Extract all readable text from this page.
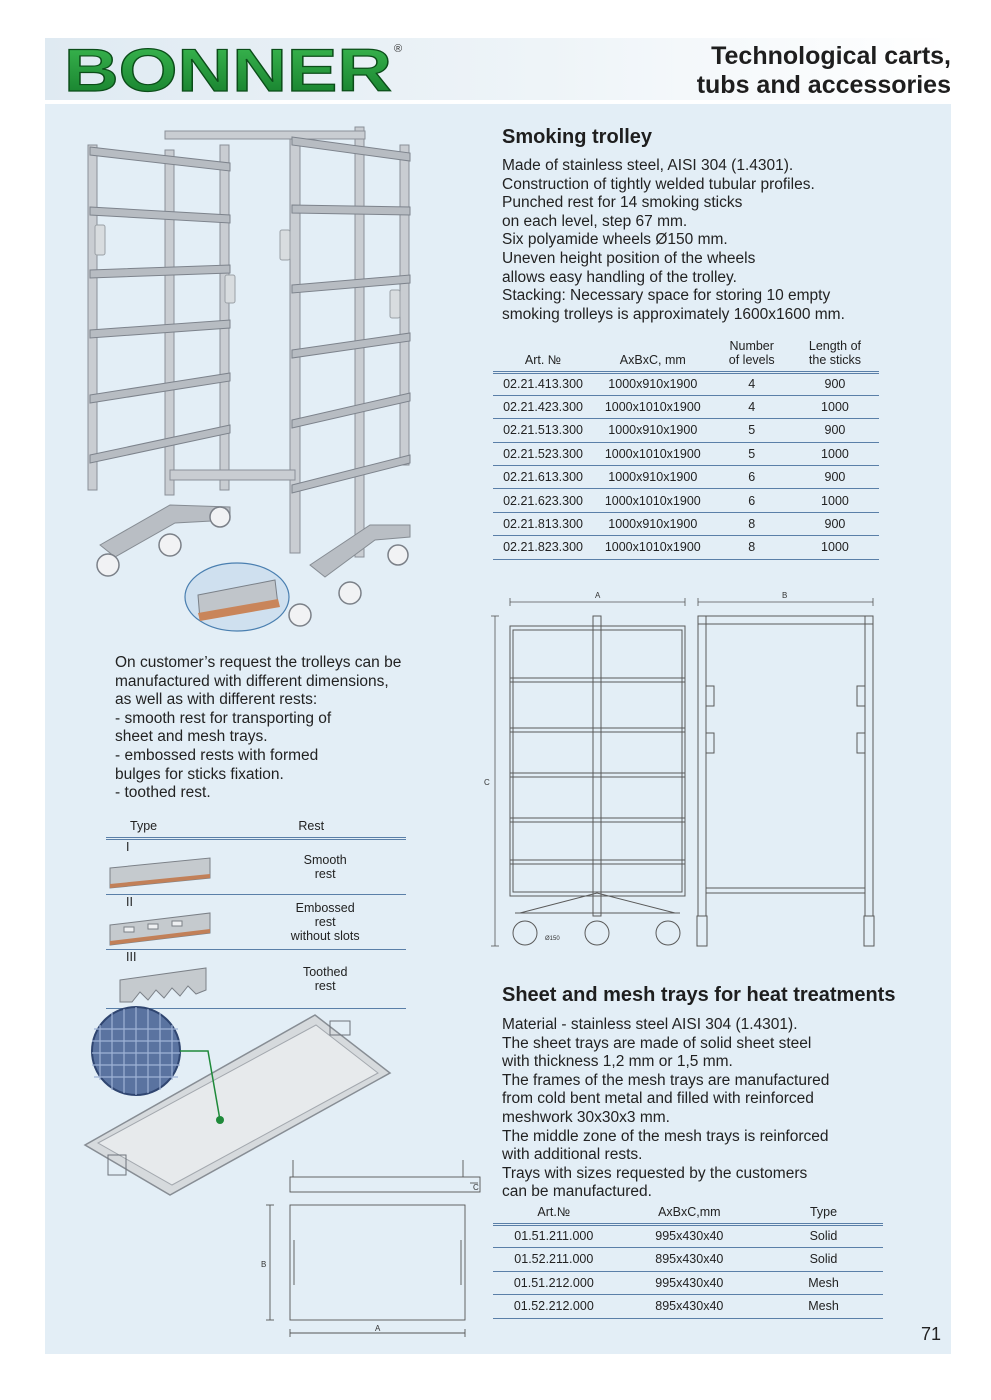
BONNER ®	Technological carts,
tubs and accessories
Smoking trolley
Made of stainless steel, AISI 304 (1.4301).
Construction of tightly welded tubular profiles.
Punched rest for 14 smoking sticks
on each level, step 67 mm.
Six polyamide wheels Ø150 mm.
Uneven height position of the wheels
allows easy handling of the trolley.
Stacking: Necessary space for storing 10 empty
smoking trolleys is approximately 1600x1600 mm.
Art. №	AxBxC, mm	Number of levels	Length of the sticks
02.21.413.300	1000x910x1900	4	900
02.21.423.300	1000x1010x1900	4	1000
02.21.513.300	1000x910x1900	5	900
02.21.523.300	1000x1010x1900	5	1000
02.21.613.300	1000x910x1900	6	900
02.21.623.300	1000x1010x1900	6	1000
02.21.813.300	1000x910x1900	8	900
02.21.823.300	1000x1010x1900	8	1000
A	B
C
Ø150
On customer’s request the trolleys can be
manufactured with different dimensions,
as well as with different rests:
- smooth rest for transporting of
sheet and mesh trays.
- embossed rests with formed
bulges for sticks fixation.
- toothed rest.
Type	Rest
I	Smooth
rest

II	Embossed
rest
without slots

III	Toothed
rest
C
B
A
Sheet and mesh trays for heat treatments
Material - stainless steel AISI 304 (1.4301).
The sheet trays are made of solid sheet steel
with thickness 1,2 mm or 1,5 mm.
The frames of the mesh trays are manufactured
from cold bent metal and filled with reinforced
meshwork 30x30x3 mm.
The middle zone of the mesh trays is reinforced
with additional rests.
Trays with sizes requested by the customers
can be manufactured.
Art.№	AxBxC,mm	Type
01.51.211.000	995x430x40	Solid
01.52.211.000	895x430x40	Solid
01.51.212.000	995x430x40	Mesh
01.52.212.000	895x430x40	Mesh
71
